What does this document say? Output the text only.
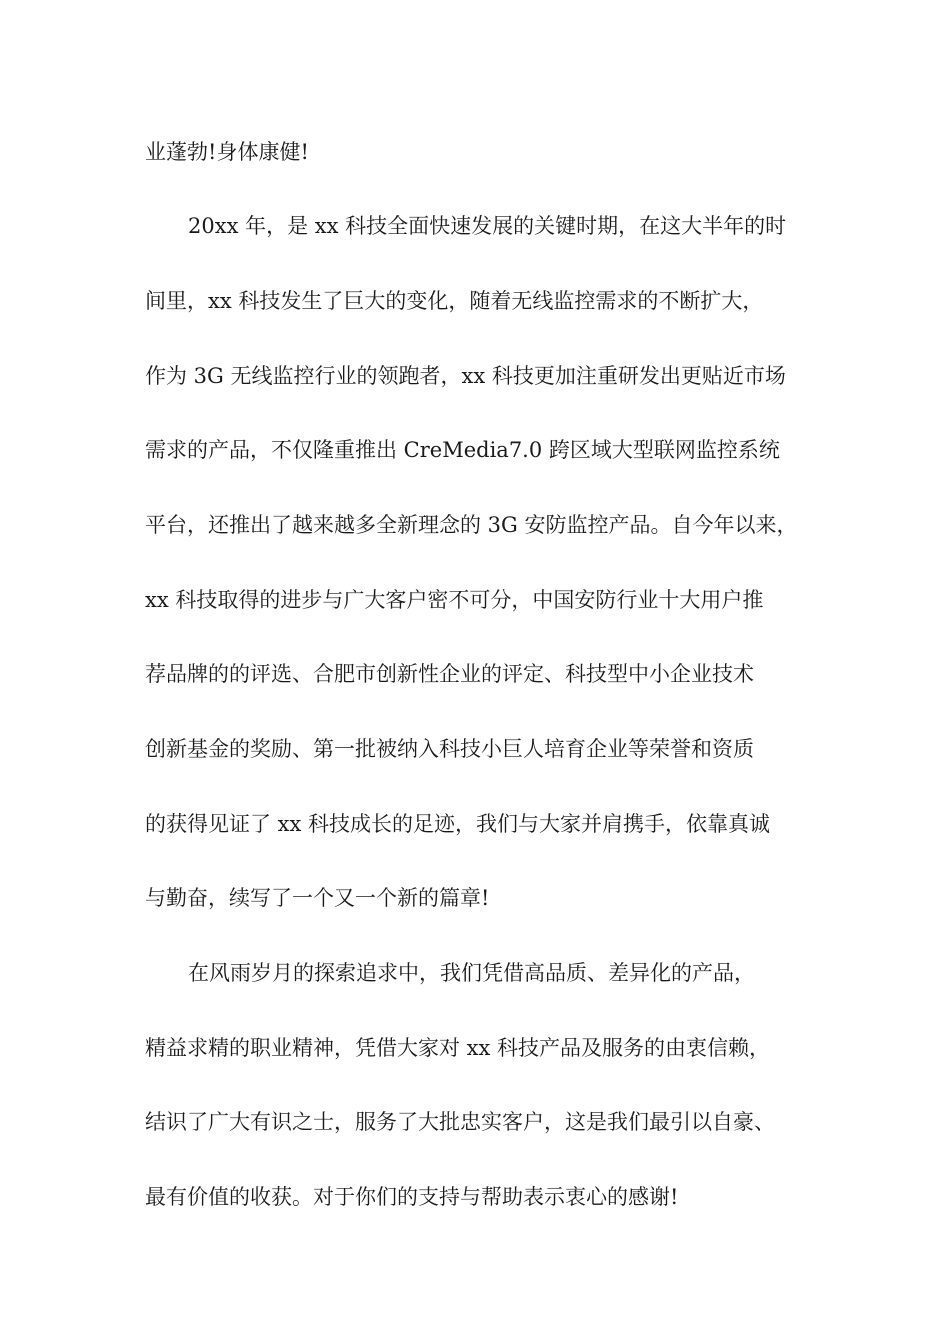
业蓬勃!身体康健!
20xx 年，是 xx 科技全面快速发展的关键时期，在这大半年的时
间里，xx 科技发生了巨大的变化，随着无线监控需求的不断扩大，
作为 3G 无线监控行业的领跑者，xx 科技更加注重研发出更贴近市场
需求的产品，不仅隆重推出 CreMedia7.0 跨区域大型联网监控系统
平台，还推出了越来越多全新理念的 3G 安防监控产品。自今年以来，
xx 科技取得的进步与广大客户密不可分，中国安防行业十大用户推
荐品牌的的评选、合肥市创新性企业的评定、科技型中小企业技术
创新基金的奖励、第一批被纳入科技小巨人培育企业等荣誉和资质
的获得见证了 xx 科技成长的足迹，我们与大家并肩携手，依靠真诚
与勤奋，续写了一个又一个新的篇章!
在风雨岁月的探索追求中，我们凭借高品质、差异化的产品，
精益求精的职业精神，凭借大家对 xx 科技产品及服务的由衷信赖，
结识了广大有识之士，服务了大批忠实客户，这是我们最引以自豪、
最有价值的收获。对于你们的支持与帮助表示衷心的感谢!
